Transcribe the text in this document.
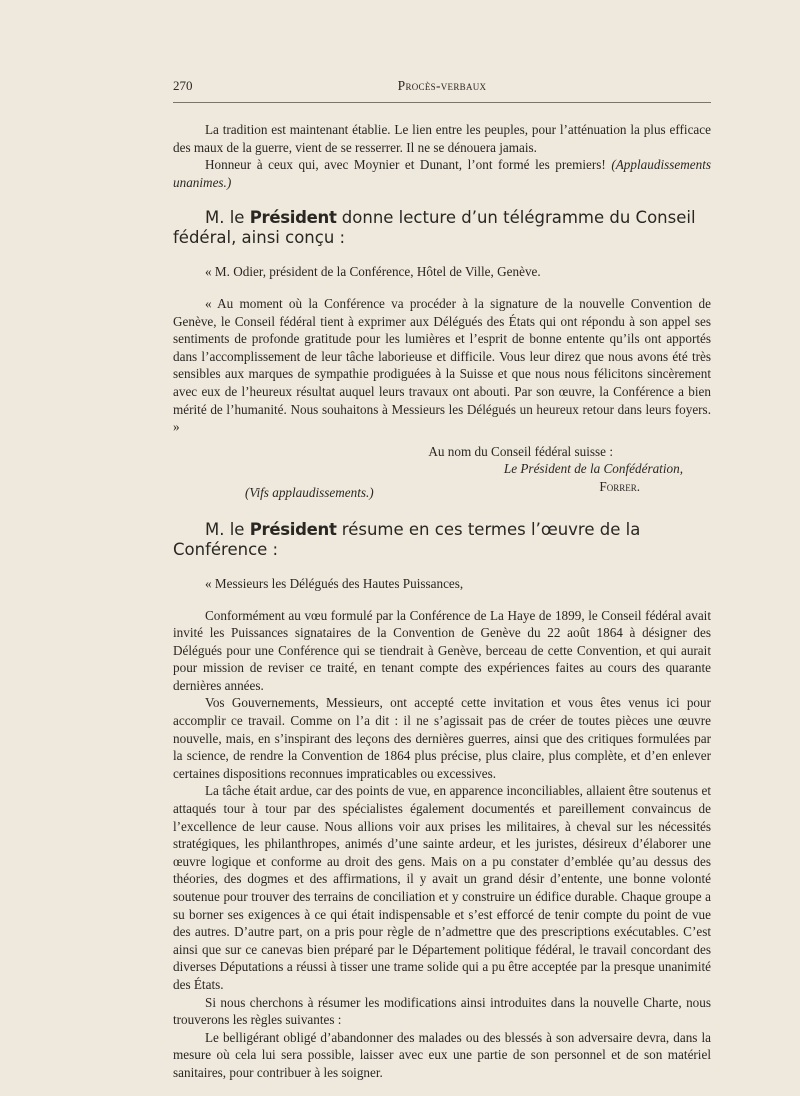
270	Procès-verbaux

La tradition est maintenant établie. Le lien entre les peuples, pour l’atténuation la plus efficace des maux de la guerre, vient de se resserrer. Il ne se dénouera jamais.

Honneur à ceux qui, avec Moynier et Dunant, l’ont formé les premiers! (Applaudissements unanimes.)

M. le Président donne lecture d’un télégramme du Conseil fédéral, ainsi conçu :

« M. Odier, président de la Conférence, Hôtel de Ville, Genève.

« Au moment où la Conférence va procéder à la signature de la nouvelle Convention de Genève, le Conseil fédéral tient à exprimer aux Délégués des États qui ont répondu à son appel ses sentiments de profonde gratitude pour les lumières et l’esprit de bonne entente qu’ils ont apportés dans l’accomplissement de leur tâche laborieuse et difficile. Vous leur direz que nous avons été très sensibles aux marques de sympathie prodiguées à la Suisse et que nous nous félicitons sincèrement avec eux de l’heureux résultat auquel leurs travaux ont abouti. Par son œuvre, la Conférence a bien mérité de l’humanité. Nous souhaitons à Messieurs les Délégués un heureux retour dans leurs foyers. »

Au nom du Conseil fédéral suisse :

Le Président de la Confédération,

(Vifs applaudissements.)	Forrer.

M. le Président résume en ces termes l’œuvre de la Conférence :

« Messieurs les Délégués des Hautes Puissances,

Conformément au vœu formulé par la Conférence de La Haye de 1899, le Conseil fédéral avait invité les Puissances signataires de la Convention de Genève du 22 août 1864 à désigner des Délégués pour une Conférence qui se tiendrait à Genève, berceau de cette Convention, et qui aurait pour mission de reviser ce traité, en tenant compte des expériences faites au cours des quarante dernières années.

Vos Gouvernements, Messieurs, ont accepté cette invitation et vous êtes venus ici pour accomplir ce travail. Comme on l’a dit : il ne s’agissait pas de créer de toutes pièces une œuvre nouvelle, mais, en s’inspirant des leçons des dernières guerres, ainsi que des critiques formulées par la science, de rendre la Convention de 1864 plus précise, plus claire, plus complète, et d’en enlever certaines dispositions reconnues impraticables ou excessives.

La tâche était ardue, car des points de vue, en apparence inconciliables, allaient être soutenus et attaqués tour à tour par des spécialistes également documentés et pareillement convaincus de l’excellence de leur cause. Nous allions voir aux prises les militaires, à cheval sur les nécessités stratégiques, les philanthropes, animés d’une sainte ardeur, et les juristes, désireux d’élaborer une œuvre logique et conforme au droit des gens. Mais on a pu constater d’emblée qu’au dessus des théories, des dogmes et des affirmations, il y avait un grand désir d’entente, une bonne volonté soutenue pour trouver des terrains de conciliation et y construire un édifice durable. Chaque groupe a su borner ses exigences à ce qui était indispensable et s’est efforcé de tenir compte du point de vue des autres. D’autre part, on a pris pour règle de n’admettre que des prescriptions exécutables. C’est ainsi que sur ce canevas bien préparé par le Département politique fédéral, le travail concordant des diverses Députations a réussi à tisser une trame solide qui a pu être acceptée par la presque unanimité des États.

Si nous cherchons à résumer les modifications ainsi introduites dans la nouvelle Charte, nous trouverons les règles suivantes :

Le belligérant obligé d’abandonner des malades ou des blessés à son adversaire devra, dans la mesure où cela lui sera possible, laisser avec eux une partie de son personnel et de son matériel sanitaires, pour contribuer à les soigner.
